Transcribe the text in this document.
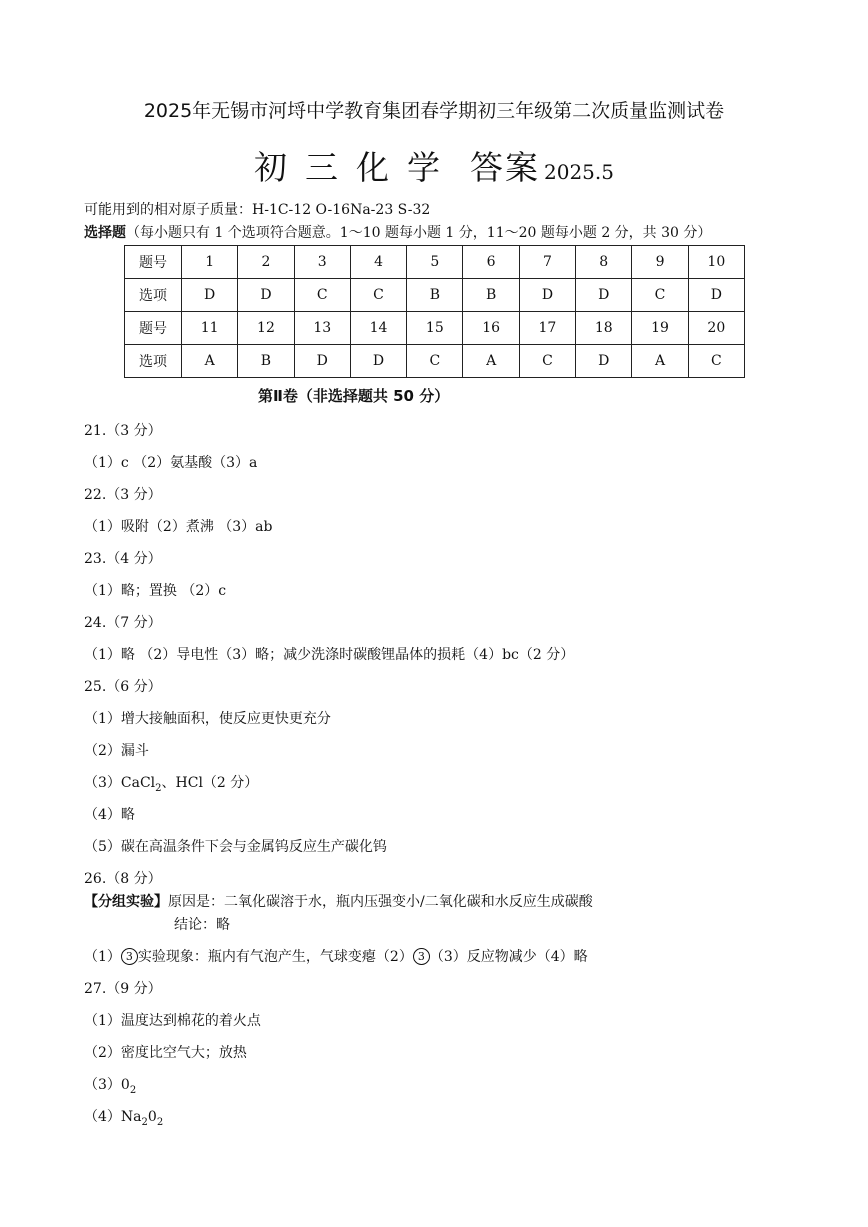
2025年无锡市河埒中学教育集团春学期初三年级第二次质量监测试卷
初三化学 答案 2025.5
可能用到的相对原子质量：H-1C-12 O-16Na-23 S-32
选择题（每小题只有 1 个选项符合题意。1～10 题每小题 1 分，11～20 题每小题 2 分，共 30 分）
题号	1	2	3	4	5	6	7	8	9	10
选项	D	D	C	C	B	B	D	D	C	D
题号	11	12	13	14	15	16	17	18	19	20
选项	A	B	D	D	C	A	C	D	A	C
第Ⅱ卷（非选择题共 50 分）
21.（3 分）
（1）c （2）氨基酸（3）a
22.（3 分）
（1）吸附（2）煮沸 （3）ab
23.（4 分）
（1）略；置换 （2）c
24.（7 分）
（1）略 （2）导电性（3）略；减少洗涤时碳酸锂晶体的损耗（4）bc（2 分）
25.（6 分）
（1）增大接触面积，使反应更快更充分
（2）漏斗
（3）CaCl$_2$、HCl（2 分）
（4）略
（5）碳在高温条件下会与金属钨反应生产碳化钨
26.（8 分）
【分组实验】原因是：二氧化碳溶于水，瓶内压强变小/二氧化碳和水反应生成碳酸
结论：略
（1） 3 实验现象：瓶内有气泡产生，气球变瘪（2） 3 （3）反应物减少（4）略
27.（9 分）
（1）温度达到棉花的着火点
（2）密度比空气大；放热
$(3)0_2$
$(4)Na_20_2$
